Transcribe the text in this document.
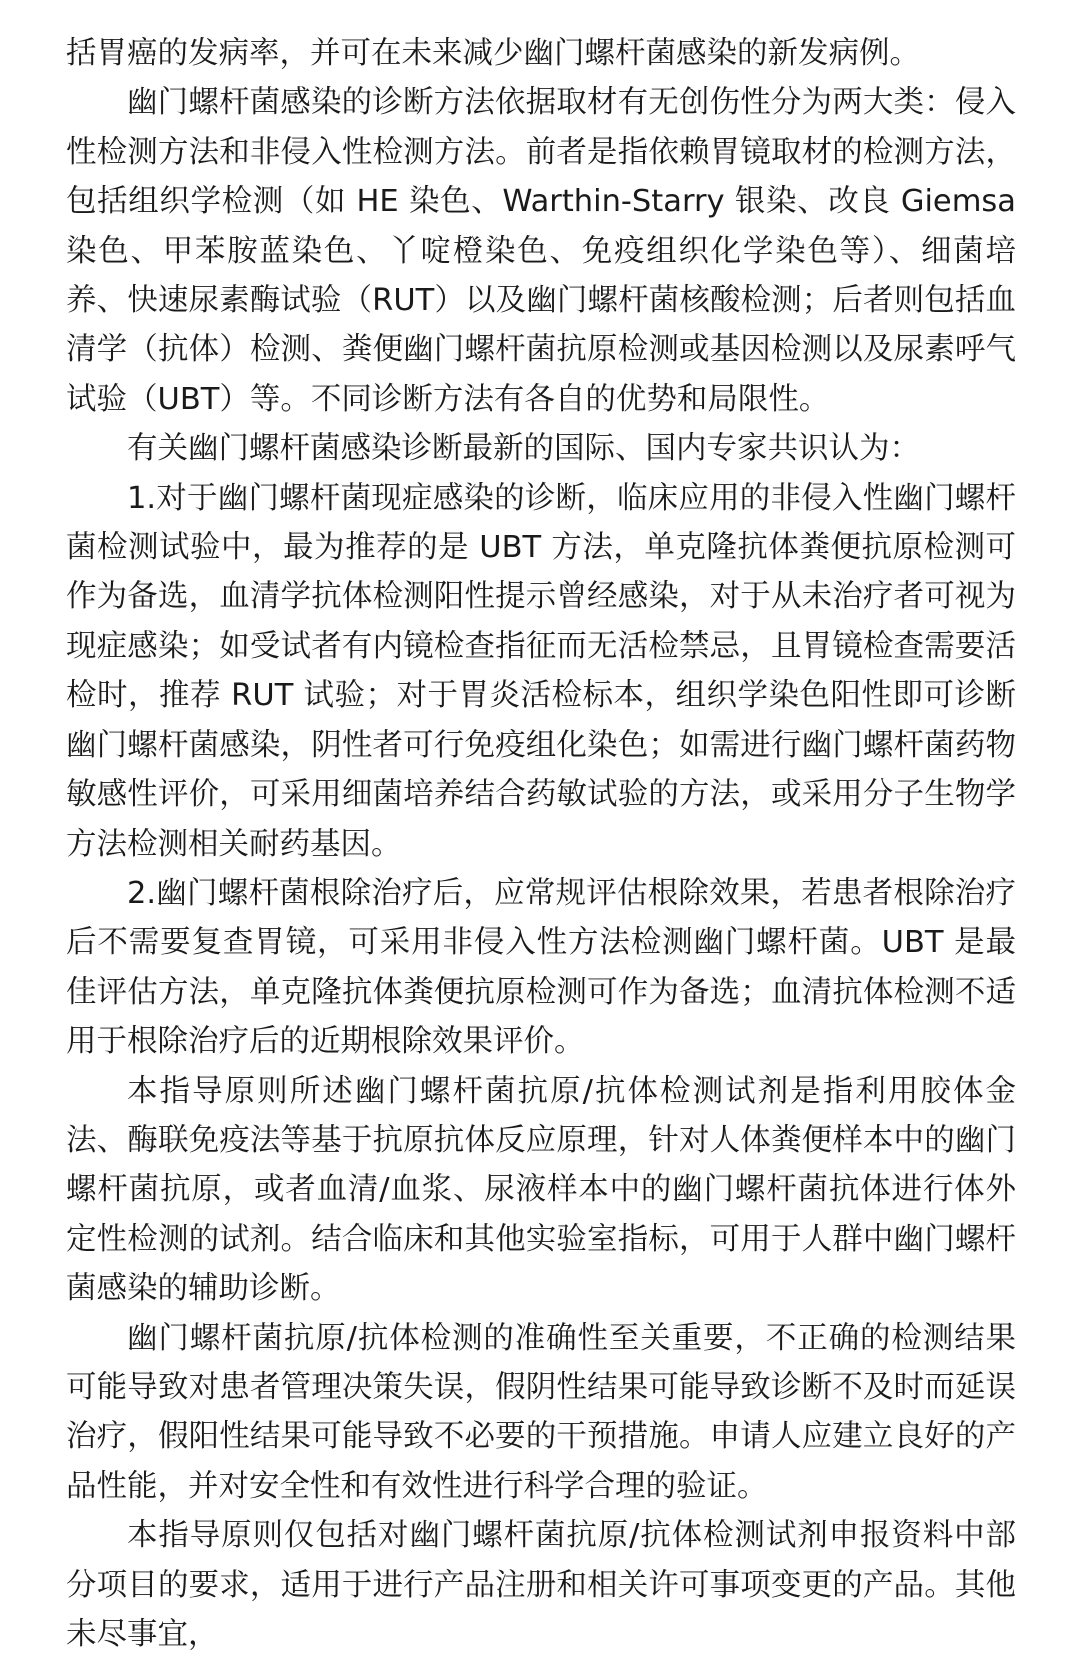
括胃癌的发病率，并可在未来减少幽门螺杆菌感染的新发病例。

幽门螺杆菌感染的诊断方法依据取材有无创伤性分为两大类：侵入性检测方法和非侵入性检测方法。前者是指依赖胃镜取材的检测方法，包括组织学检测（如 HE 染色、Warthin-Starry 银染、改良 Giemsa 染色、甲苯胺蓝染色、丫啶橙染色、免疫组织化学染色等）、细菌培养、快速尿素酶试验（RUT）以及幽门螺杆菌核酸检测；后者则包括血清学（抗体）检测、粪便幽门螺杆菌抗原检测或基因检测以及尿素呼气试验（UBT）等。不同诊断方法有各自的优势和局限性。

有关幽门螺杆菌感染诊断最新的国际、国内专家共识认为：

1.对于幽门螺杆菌现症感染的诊断，临床应用的非侵入性幽门螺杆菌检测试验中，最为推荐的是 UBT 方法，单克隆抗体粪便抗原检测可作为备选，血清学抗体检测阳性提示曾经感染，对于从未治疗者可视为现症感染；如受试者有内镜检查指征而无活检禁忌，且胃镜检查需要活检时，推荐 RUT 试验；对于胃炎活检标本，组织学染色阳性即可诊断幽门螺杆菌感染，阴性者可行免疫组化染色；如需进行幽门螺杆菌药物敏感性评价，可采用细菌培养结合药敏试验的方法，或采用分子生物学方法检测相关耐药基因。

2.幽门螺杆菌根除治疗后，应常规评估根除效果，若患者根除治疗后不需要复查胃镜，可采用非侵入性方法检测幽门螺杆菌。UBT 是最佳评估方法，单克隆抗体粪便抗原检测可作为备选；血清抗体检测不适用于根除治疗后的近期根除效果评价。

本指导原则所述幽门螺杆菌抗原/抗体检测试剂是指利用胶体金法、酶联免疫法等基于抗原抗体反应原理，针对人体粪便样本中的幽门螺杆菌抗原，或者血清/血浆、尿液样本中的幽门螺杆菌抗体进行体外定性检测的试剂。结合临床和其他实验室指标，可用于人群中幽门螺杆菌感染的辅助诊断。

幽门螺杆菌抗原/抗体检测的准确性至关重要，不正确的检测结果可能导致对患者管理决策失误，假阴性结果可能导致诊断不及时而延误治疗，假阳性结果可能导致不必要的干预措施。申请人应建立良好的产品性能，并对安全性和有效性进行科学合理的验证。

本指导原则仅包括对幽门螺杆菌抗原/抗体检测试剂申报资料中部分项目的要求，适用于进行产品注册和相关许可事项变更的产品。其他未尽事宜，
